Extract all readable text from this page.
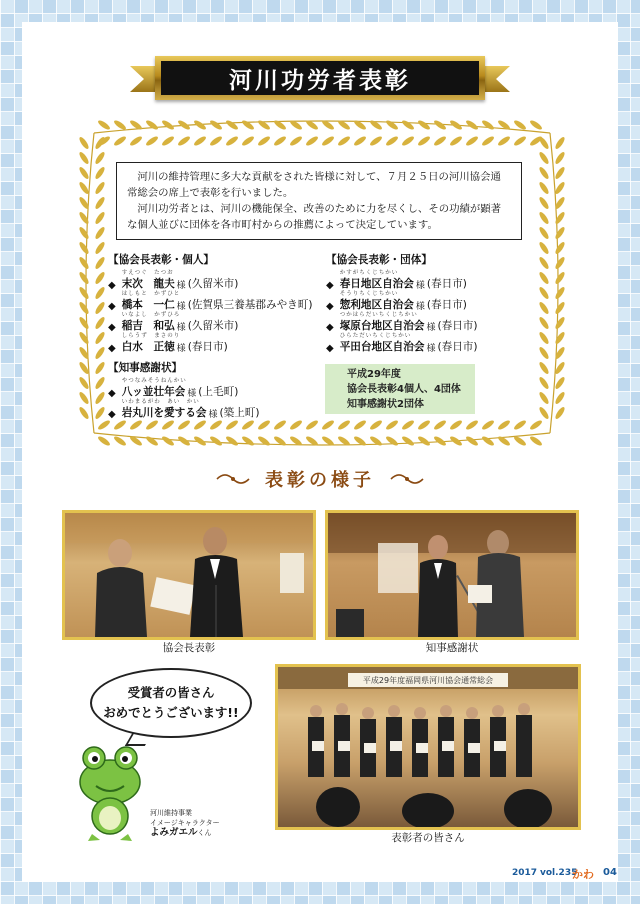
河川功労者表彰

河川の維持管理に多大な貢献をされた皆様に対して、７月２５日の河川協会通常総会の席上で表彰を行いました。

河川功労者とは、河川の機能保全、改善のために力を尽くし、その功績が顕著な個人並びに団体を各市町村からの推薦によって決定しています。

【協会長表彰・個人】
◆
すえつぐ　たつお
末次　龍夫 様 (久留米市)
◆
はしもと　かずひと
橋本　一仁 様 (佐賀県三養基郡みやき町)
◆
いなよし　かずひろ
稲吉　和弘 様 (久留米市)
◆
しらうず　まさのり
白水　正徳 様 (春日市)
【知事感謝状】
◆
やつなみそうねんかい
八ッ並壮年会 様 (上毛町)
◆
いわまるがわ　あい　かい
岩丸川を愛する会 様 (築上町)
【協会長表彰・団体】
◆
かすがちくじちかい
春日地区自治会 様 (春日市)
◆
そうりちくじちかい
惣利地区自治会 様 (春日市)
◆
つかはらだいちくじちかい
塚原台地区自治会 様 (春日市)
◆
ひらただいちくじちかい
平田台地区自治会 様 (春日市)
平成29年度
協会長表彰4個人、4団体
知事感謝状2団体
表彰の様子
協会長表彰	知事感謝状
平成29年度福岡県河川協会通常総会
表彰者の皆さん
受賞者の皆さん
おめでとうございます!!
河川維持事業
イメージキャラクター
よみガエルくん
2017 vol.235
かわ 04
